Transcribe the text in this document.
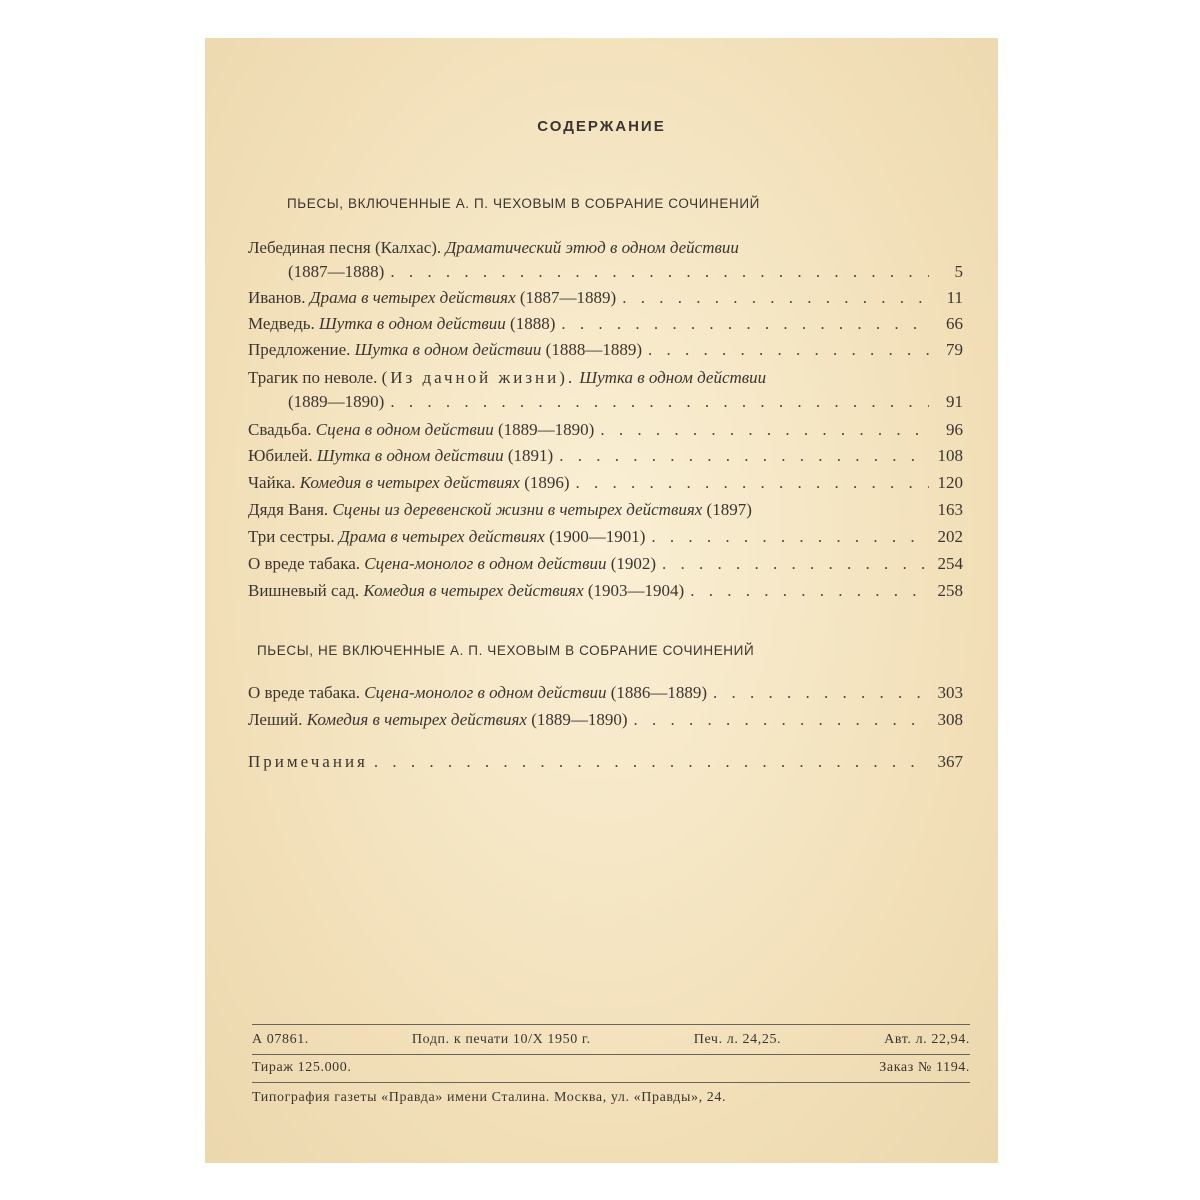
СОДЕРЖАНИЕ
ПЬЕСЫ, ВКЛЮЧЕННЫЕ А. П. ЧЕХОВЫМ В СОБРАНИЕ СОЧИНЕНИЙ
Лебединая песня (Калхас). Драматический этюд в одном действии
(1887—1888) . . .	5
Иванов. Драма в четырех действиях (1887—1889) . . .	11
Медведь. Шутка в одном действии (1888) . . .	66
Предложение. Шутка в одном действии (1888—1889) . . .	79
Трагик по неволе. (Из дачной жизни). Шутка в одном действии
(1889—1890) . . .	91
Свадьба. Сцена в одном действии (1889—1890) . . .	96
Юбилей. Шутка в одном действии (1891) . . .	108
Чайка. Комедия в четырех действиях (1896) . . .	120
Дядя Ваня. Сцены из деревенской жизни в четырех действиях (1897)	163
Три сестры. Драма в четырех действиях (1900—1901) . . .	202
О вреде табака. Сцена-монолог в одном действии (1902) . . .	254
Вишневый сад. Комедия в четырех действиях (1903—1904) . . .	258
ПЬЕСЫ, НЕ ВКЛЮЧЕННЫЕ А. П. ЧЕХОВЫМ В СОБРАНИЕ СОЧИНЕНИЙ
О вреде табака. Сцена-монолог в одном действии (1886—1889) . . .	303
Леший. Комедия в четырех действиях (1889—1890) . . .	308
Примечания . . .	367
А 07861.	Подп. к печати 10/X 1950 г.	Печ. л. 24,25.	Авт. л. 22,94.
Тираж 125.000.	Заказ № 1194.
Типография газеты «Правда» имени Сталина. Москва, ул. «Правды», 24.
